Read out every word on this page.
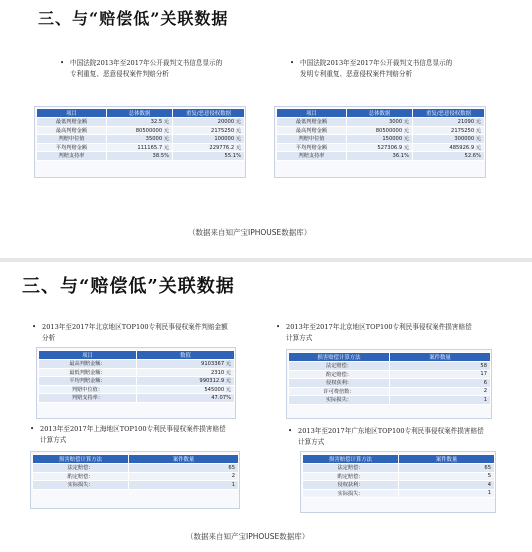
三、与“赔偿低”关联数据
• 中国法院2013年至2017年公开裁判文书信息显示的
专利重复、恶意侵权案件判赔分析
项目	总体数据	重复/恶意侵权数据
最低判赔金额	32.5 元	20000 元
最高判赔金额	80500000 元	2175250 元
判赔中位值	35000 元	100000 元
平均判赔金额	111165.7 元	229776.2 元
判赔支持率	38.5%	55.1%
• 中国法院2013年至2017年公开裁判文书信息显示的
发明专利重复、恶意侵权案件判赔分析
项目	总体数据	重复/恶意侵权数据
最低判赔金额	3000 元	21090 元
最高判赔金额	80500000 元	2175250 元
判赔中位值	150000 元	300000 元
平均判赔金额	527306.9 元	485926.9 元
判赔支持率	36.1%	52.6%
（数据来自知产宝IPHOUSE数据库）
三、与“赔偿低”关联数据
• 2013年至2017年北京地区TOP100专利民事侵权案件判赔金额
分析
项目	数值
最高判赔金额：	9103367 元
最低判赔金额：	2310 元
平均判赔金额：	990312.9 元
判赔中位值：	545000 元
判赔支持率：	47.07%
• 2013年至2017年上海地区TOP100专利民事侵权案件损害赔偿
计算方式
损害赔偿计算方法	案件数量
法定赔偿：	65
酌定赔偿：	2
实际损失：	1
• 2013年至2017年北京地区TOP100专利民事侵权案件损害赔偿
计算方式
损害赔偿计算方法	案件数量
法定赔偿：	58
酌定赔偿：	17
侵权获利：	6
许可费倍数：	2
实际损失：	1
• 2013年至2017年广东地区TOP100专利民事侵权案件损害赔偿
计算方式
损害赔偿计算方法	案件数量
法定赔偿：	65
酌定赔偿：	5
侵权获利：	4
实际损失：	1
（数据来自知产宝IPHOUSE数据库）
